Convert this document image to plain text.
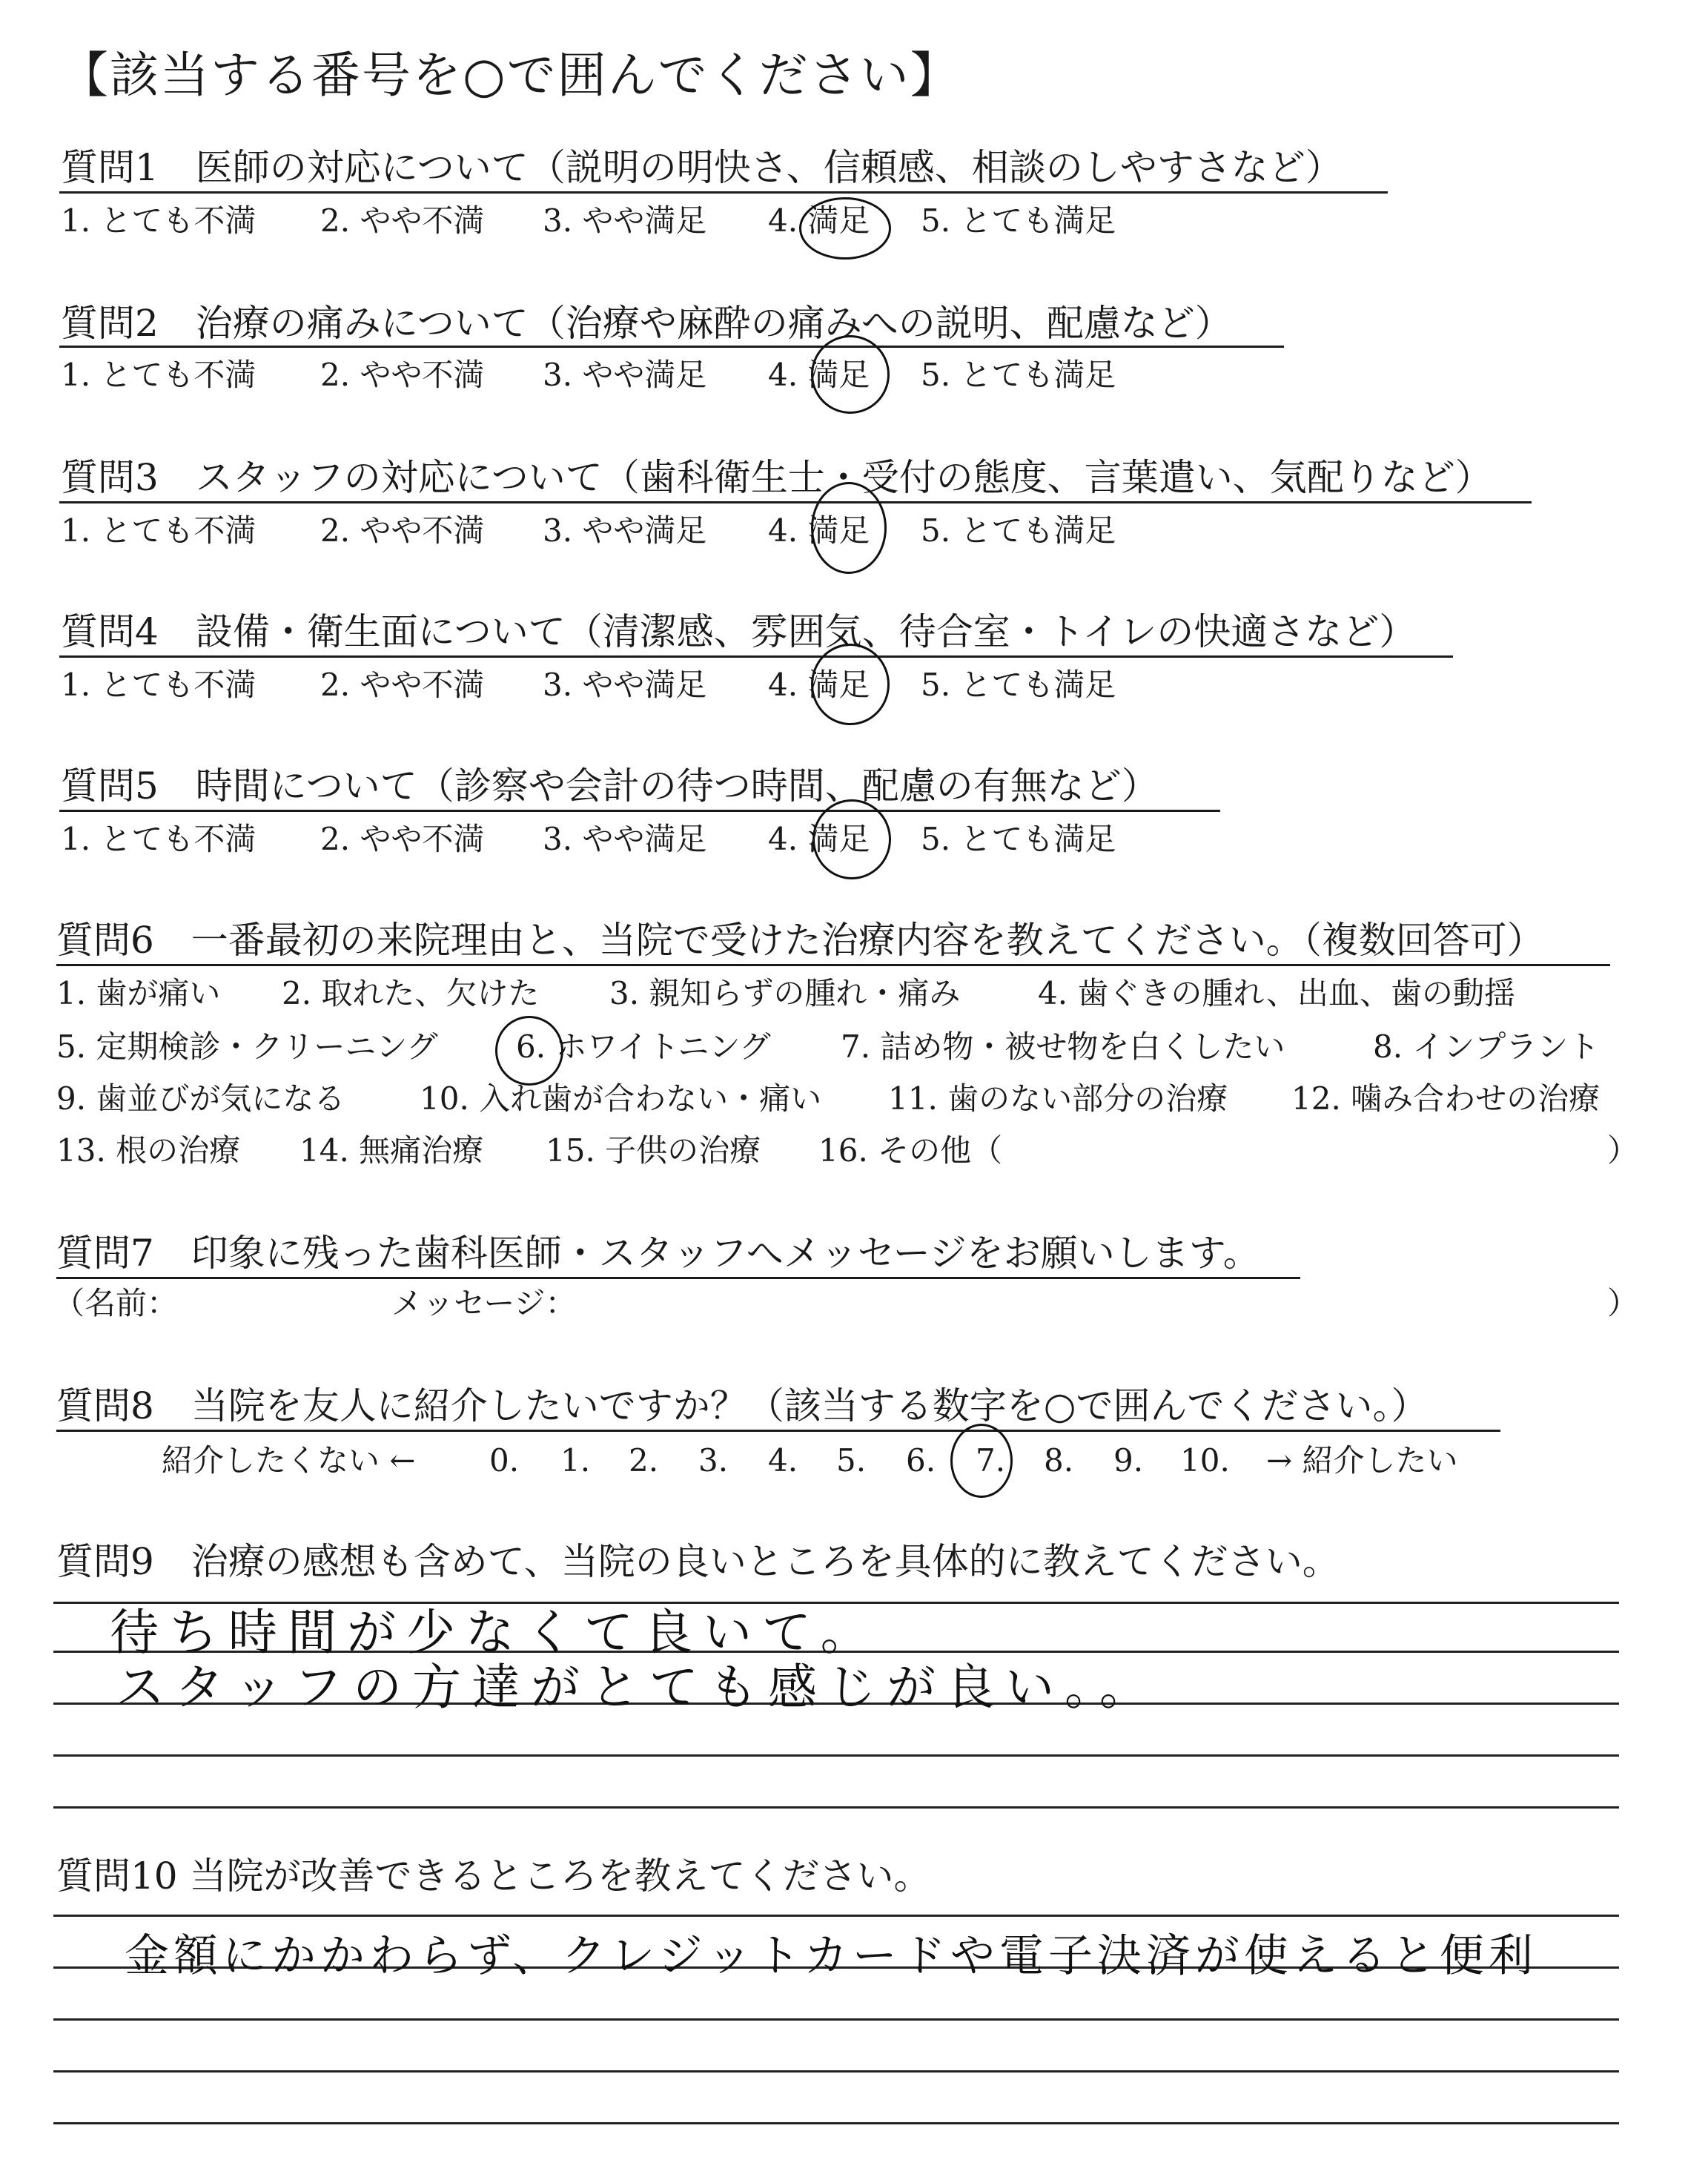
【該当する番号を○で囲んでください】
質問1　医師の対応について（説明の明快さ、信頼感、相談のしやすさなど）
1. とても不満 2. やや不満 3. やや満足 4. 満足 5. とても満足
質問2　治療の痛みについて（治療や麻酔の痛みへの説明、配慮など）
1. とても不満 2. やや不満 3. やや満足 4. 満足 5. とても満足
質問3　スタッフの対応について（歯科衛生士・受付の態度、言葉遣い、気配りなど）
1. とても不満 2. やや不満 3. やや満足 4. 満足 5. とても満足
質問4　設備・衛生面について（清潔感、雰囲気、待合室・トイレの快適さなど）
1. とても不満 2. やや不満 3. やや満足 4. 満足 5. とても満足
質問5　時間について（診察や会計の待つ時間、配慮の有無など）
1. とても不満 2. やや不満 3. やや満足 4. 満足 5. とても満足
質問6　一番最初の来院理由と、当院で受けた治療内容を教えてください。（複数回答可）
1. 歯が痛い 2. 取れた、欠けた 3. 親知らずの腫れ・痛み 4. 歯ぐきの腫れ、出血、歯の動揺
5. 定期検診・クリーニング	6. ホワイトニング 7. 詰め物・被せ物を白くしたい	8. インプラント
9. 歯並びが気になる 10. 入れ歯が合わない・痛い 11. 歯のない部分の治療 12. 噛み合わせの治療
13. 根の治療 14. 無痛治療 15. 子供の治療 16. その他（	）
質問7　印象に残った歯科医師・スタッフへメッセージをお願いします。
（名前：	メッセージ：	）
質問8　当院を友人に紹介したいですか？（該当する数字を○で囲んでください。）
紹介したくない ← 0. 1. 2. 3. 4. 5. 6. 7. 8. 9. 10. → 紹介したい
質問9　治療の感想も含めて、当院の良いところを具体的に教えてください。
待ち時間が少なくて良いて。
スタッフの方達がとても感じが良い。。
質問10 当院が改善できるところを教えてください。
金額にかかわらず、クレジットカードや電子決済が使えると便利
